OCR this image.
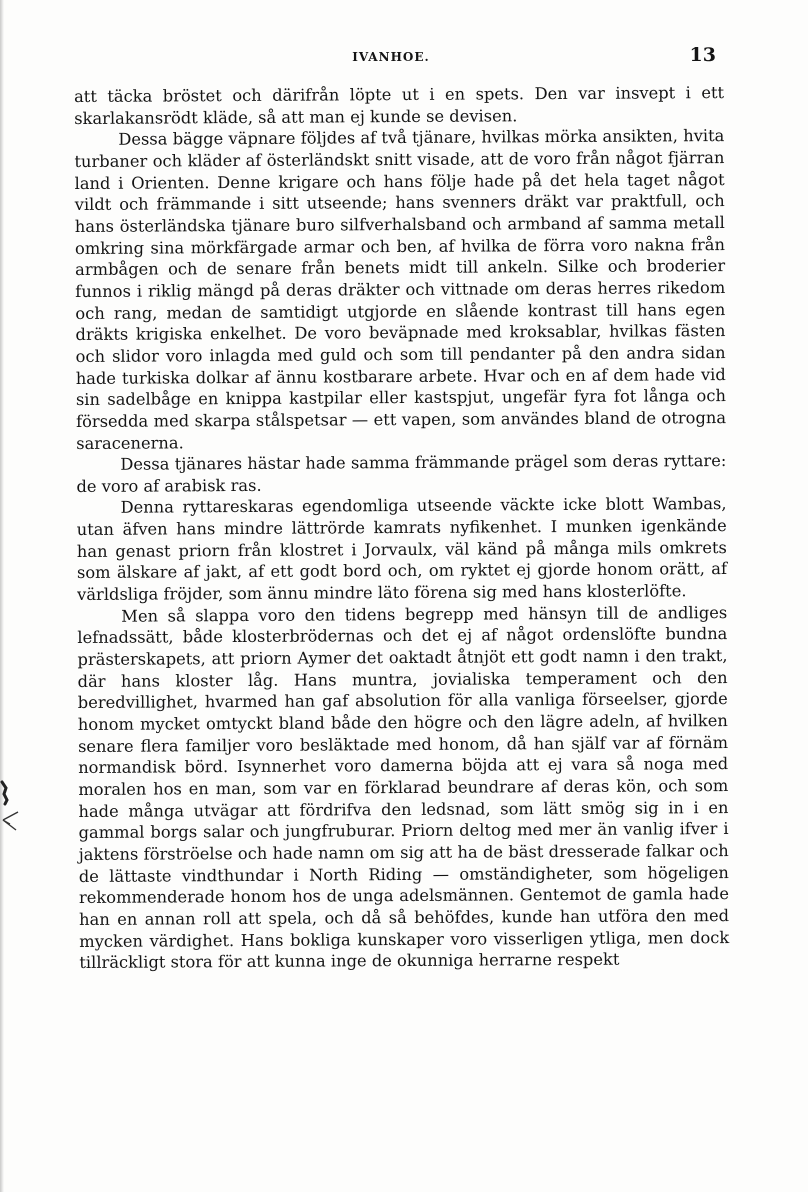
IVANHOE.	13

att täcka bröstet och därifrån löpte ut i en spets. Den var insvept i ett skarlakansrödt kläde, så att man ej kunde se devisen.

Dessa bägge väpnare följdes af två tjänare, hvilkas mörka ansikten, hvita turbaner och kläder af österländskt snitt visade, att de voro från något fjärran land i Orienten. Denne krigare och hans följe hade på det hela taget något vildt och främmande i sitt utseende; hans svenners dräkt var praktfull, och hans österländska tjänare buro silfverhalsband och armband af samma metall omkring sina mörkfärgade armar och ben, af hvilka de förra voro nakna från armbågen och de senare från benets midt till ankeln. Silke och broderier funnos i riklig mängd på deras dräkter och vittnade om deras herres rikedom och rang, medan de samtidigt utgjorde en slående kontrast till hans egen dräkts krigiska enkelhet. De voro beväpnade med kroksablar, hvilkas fästen och slidor voro inlagda med guld och som till pendanter på den andra sidan hade turkiska dolkar af ännu kostbarare arbete. Hvar och en af dem hade vid sin sadelbåge en knippa kastpilar eller kastspjut, ungefär fyra fot långa och försedda med skarpa stålspetsar — ett vapen, som användes bland de otrogna saracenerna.

Dessa tjänares hästar hade samma främmande prägel som deras ryttare: de voro af arabisk ras.

Denna ryttareskaras egendomliga utseende väckte icke blott Wambas, utan äfven hans mindre lättrörde kamrats nyfikenhet. I munken igenkände han genast priorn från klostret i Jorvaulx, väl känd på många mils omkrets som älskare af jakt, af ett godt bord och, om ryktet ej gjorde honom orätt, af världsliga fröjder, som ännu mindre läto förena sig med hans klosterlöfte.

Men så slappa voro den tidens begrepp med hänsyn till de andliges lefnadssätt, både klosterbrödernas och det ej af något ordenslöfte bundna prästerskapets, att priorn Aymer det oaktadt åtnjöt ett godt namn i den trakt, där hans kloster låg. Hans muntra, jovialiska temperament och den beredvillighet, hvarmed han gaf absolution för alla vanliga förseelser, gjorde honom mycket omtyckt bland både den högre och den lägre adeln, af hvilken senare flera familjer voro besläktade med honom, då han själf var af förnäm normandisk börd. Isynnerhet voro damerna böjda att ej vara så noga med moralen hos en man, som var en förklarad beundrare af deras kön, och som hade många utvägar att fördrifva den ledsnad, som lätt smög sig in i en gammal borgs salar och jungfruburar. Priorn deltog med mer än vanlig ifver i jaktens förströelse och hade namn om sig att ha de bäst dresserade falkar och de lättaste vindthundar i North Riding — omständigheter, som högeligen rekommenderade honom hos de unga adelsmännen. Gentemot de gamla hade han en annan roll att spela, och då så behöfdes, kunde han utföra den med mycken värdighet. Hans bokliga kunskaper voro visserligen ytliga, men dock tillräckligt stora för att kunna inge de okunniga herrarne respekt
